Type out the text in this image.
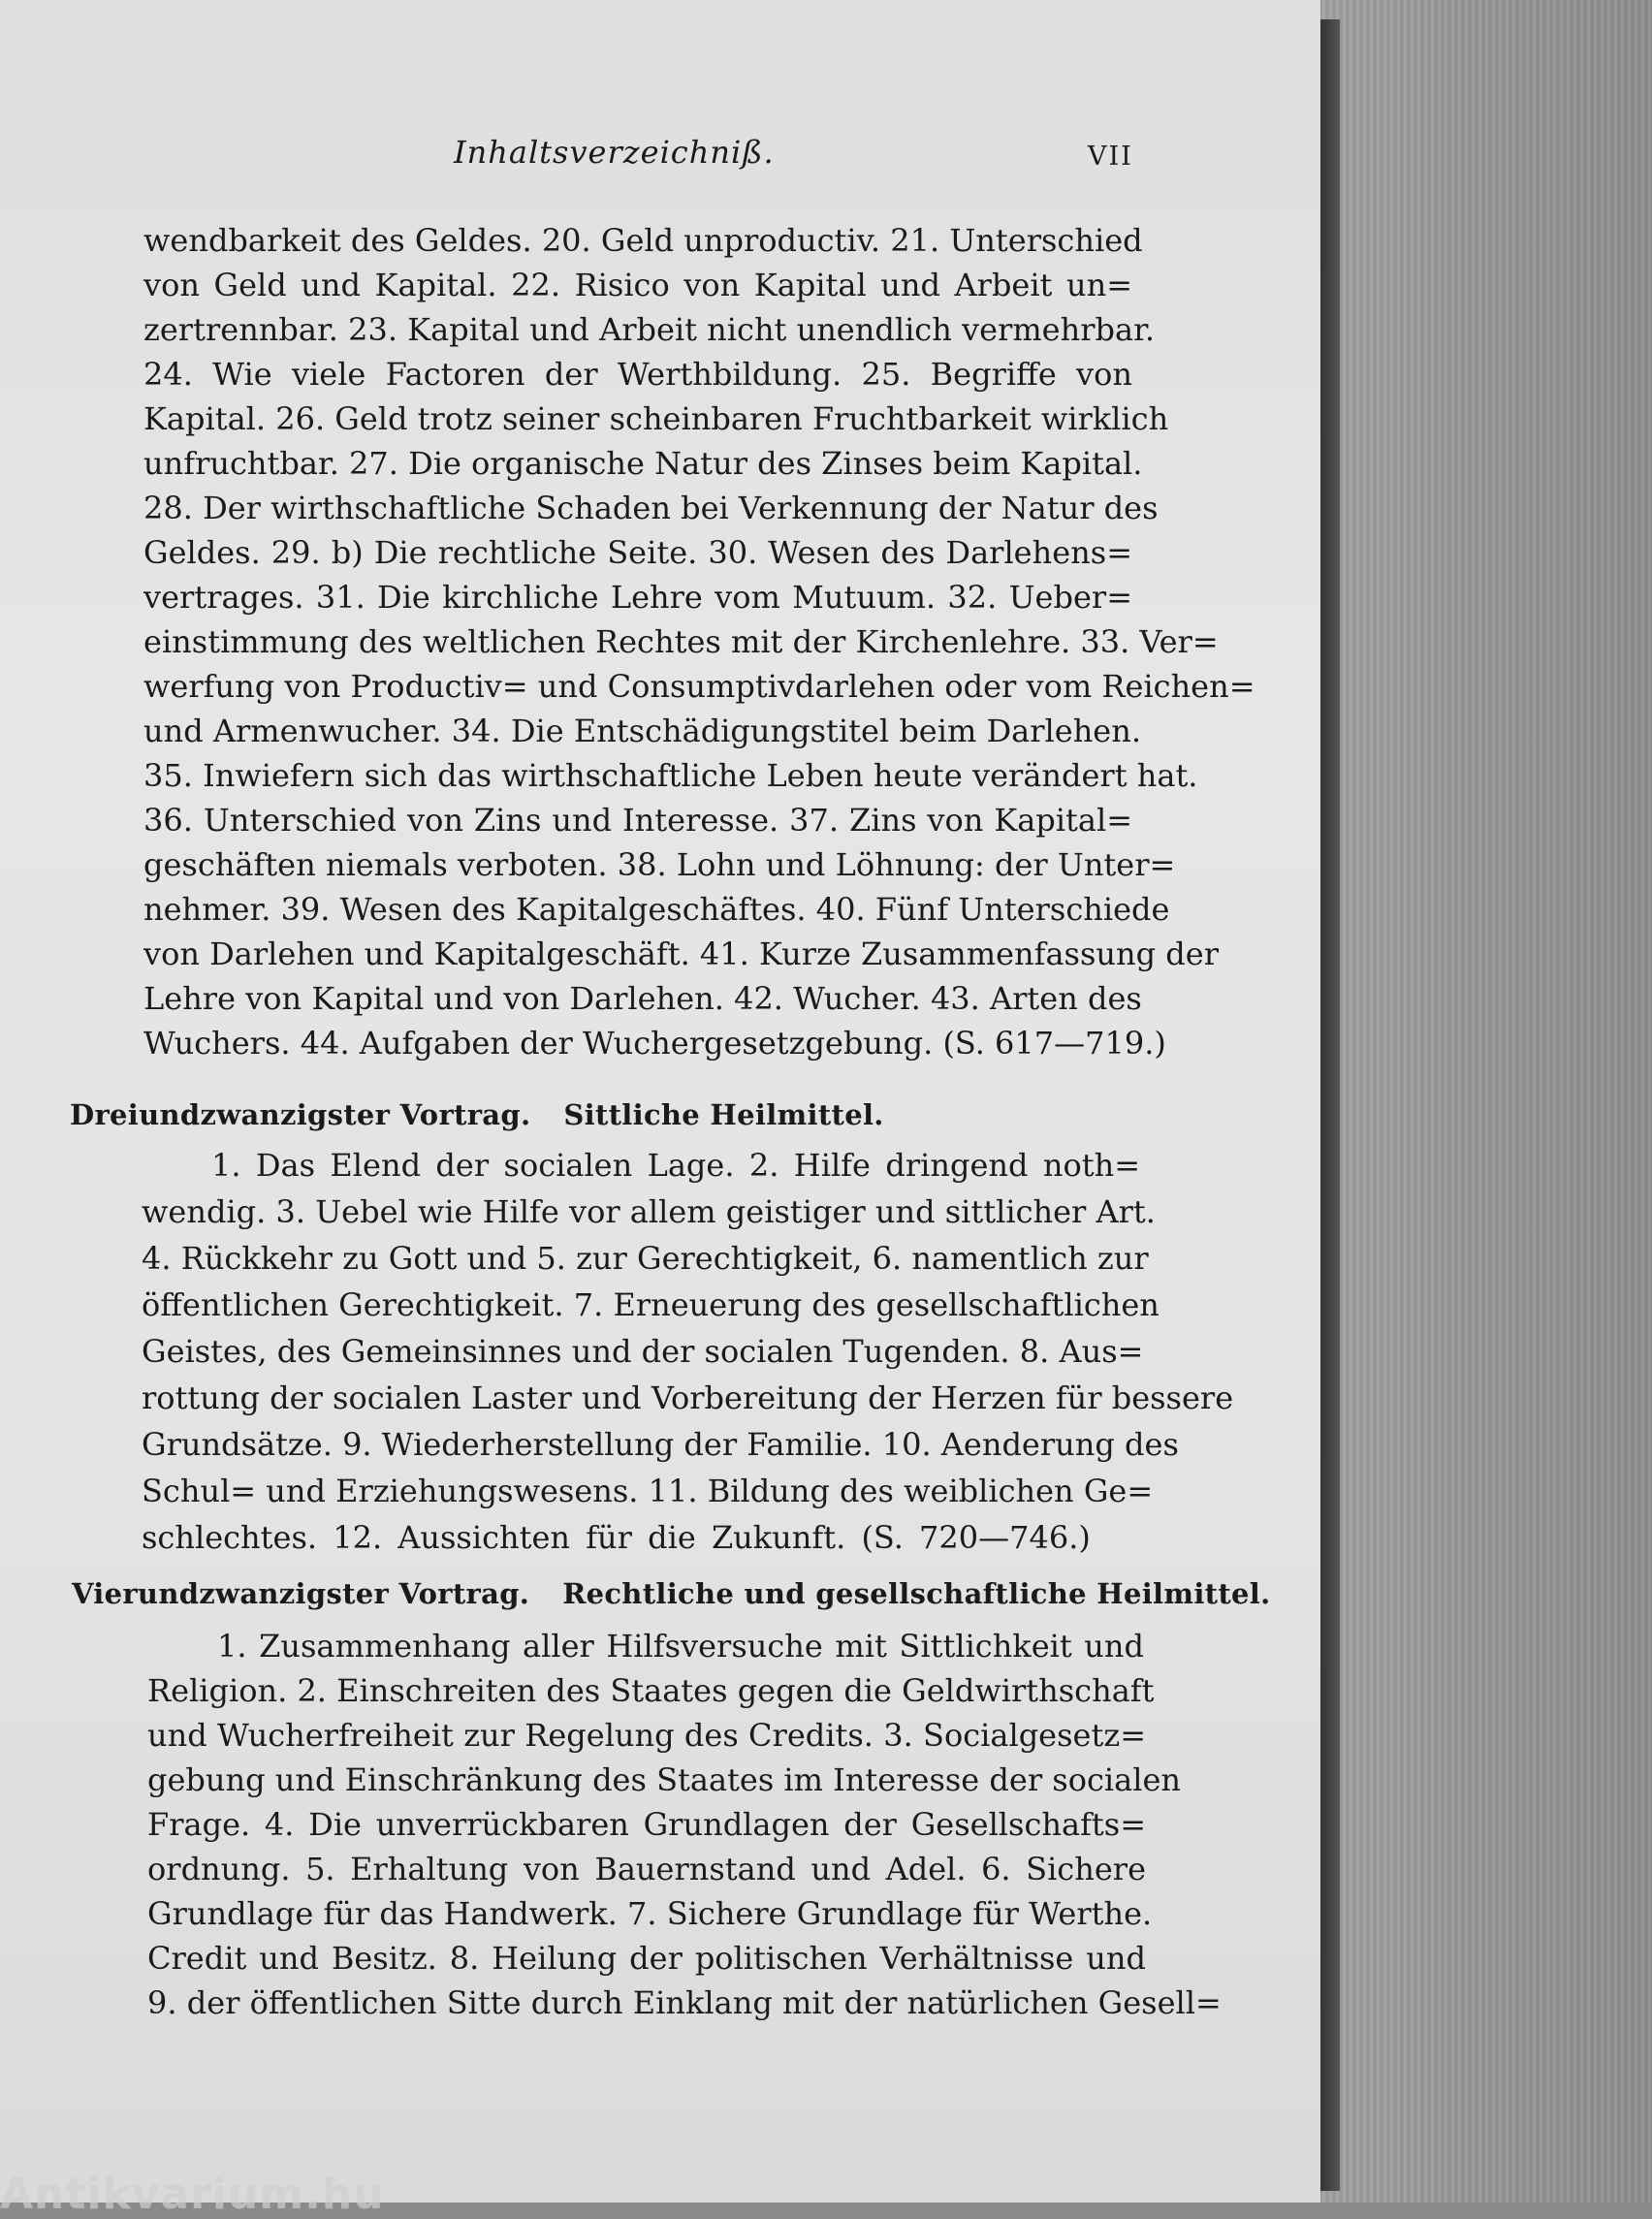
Inhaltsverzeichniß.	VII
wendbarkeit des Geldes. 20. Geld unproductiv. 21. Unterschied
von Geld und Kapital. 22. Risico von Kapital und Arbeit un=
zertrennbar. 23. Kapital und Arbeit nicht unendlich vermehrbar.
24. Wie viele Factoren der Werthbildung. 25. Begriffe von
Kapital. 26. Geld trotz seiner scheinbaren Fruchtbarkeit wirklich
unfruchtbar. 27. Die organische Natur des Zinses beim Kapital.
28. Der wirthschaftliche Schaden bei Verkennung der Natur des
Geldes. 29. b) Die rechtliche Seite. 30. Wesen des Darlehens=
vertrages. 31. Die kirchliche Lehre vom Mutuum. 32. Ueber=
einstimmung des weltlichen Rechtes mit der Kirchenlehre. 33. Ver=
werfung von Productiv= und Consumptivdarlehen oder vom Reichen=
und Armenwucher. 34. Die Entschädigungstitel beim Darlehen.
35. Inwiefern sich das wirthschaftliche Leben heute verändert hat.
36. Unterschied von Zins und Interesse. 37. Zins von Kapital=
geschäften niemals verboten. 38. Lohn und Löhnung: der Unter=
nehmer. 39. Wesen des Kapitalgeschäftes. 40. Fünf Unterschiede
von Darlehen und Kapitalgeschäft. 41. Kurze Zusammenfassung der
Lehre von Kapital und von Darlehen. 42. Wucher. 43. Arten des
Wuchers. 44. Aufgaben der Wuchergesetzgebung. (S. 617—719.)
Dreiundzwanzigster Vortrag. Sittliche Heilmittel.
1. Das Elend der socialen Lage. 2. Hilfe dringend noth=
wendig. 3. Uebel wie Hilfe vor allem geistiger und sittlicher Art.
4. Rückkehr zu Gott und 5. zur Gerechtigkeit, 6. namentlich zur
öffentlichen Gerechtigkeit. 7. Erneuerung des gesellschaftlichen
Geistes, des Gemeinsinnes und der socialen Tugenden. 8. Aus=
rottung der socialen Laster und Vorbereitung der Herzen für bessere
Grundsätze. 9. Wiederherstellung der Familie. 10. Aenderung des
Schul= und Erziehungswesens. 11. Bildung des weiblichen Ge=
schlechtes. 12. Aussichten für die Zukunft. (S. 720—746.)
Vierundzwanzigster Vortrag. Rechtliche und gesellschaftliche Heilmittel.
1. Zusammenhang aller Hilfsversuche mit Sittlichkeit und
Religion. 2. Einschreiten des Staates gegen die Geldwirthschaft
und Wucherfreiheit zur Regelung des Credits. 3. Socialgesetz=
gebung und Einschränkung des Staates im Interesse der socialen
Frage. 4. Die unverrückbaren Grundlagen der Gesellschafts=
ordnung. 5. Erhaltung von Bauernstand und Adel. 6. Sichere
Grundlage für das Handwerk. 7. Sichere Grundlage für Werthe.
Credit und Besitz. 8. Heilung der politischen Verhältnisse und
9. der öffentlichen Sitte durch Einklang mit der natürlichen Gesell=
Antikvarium.hu
